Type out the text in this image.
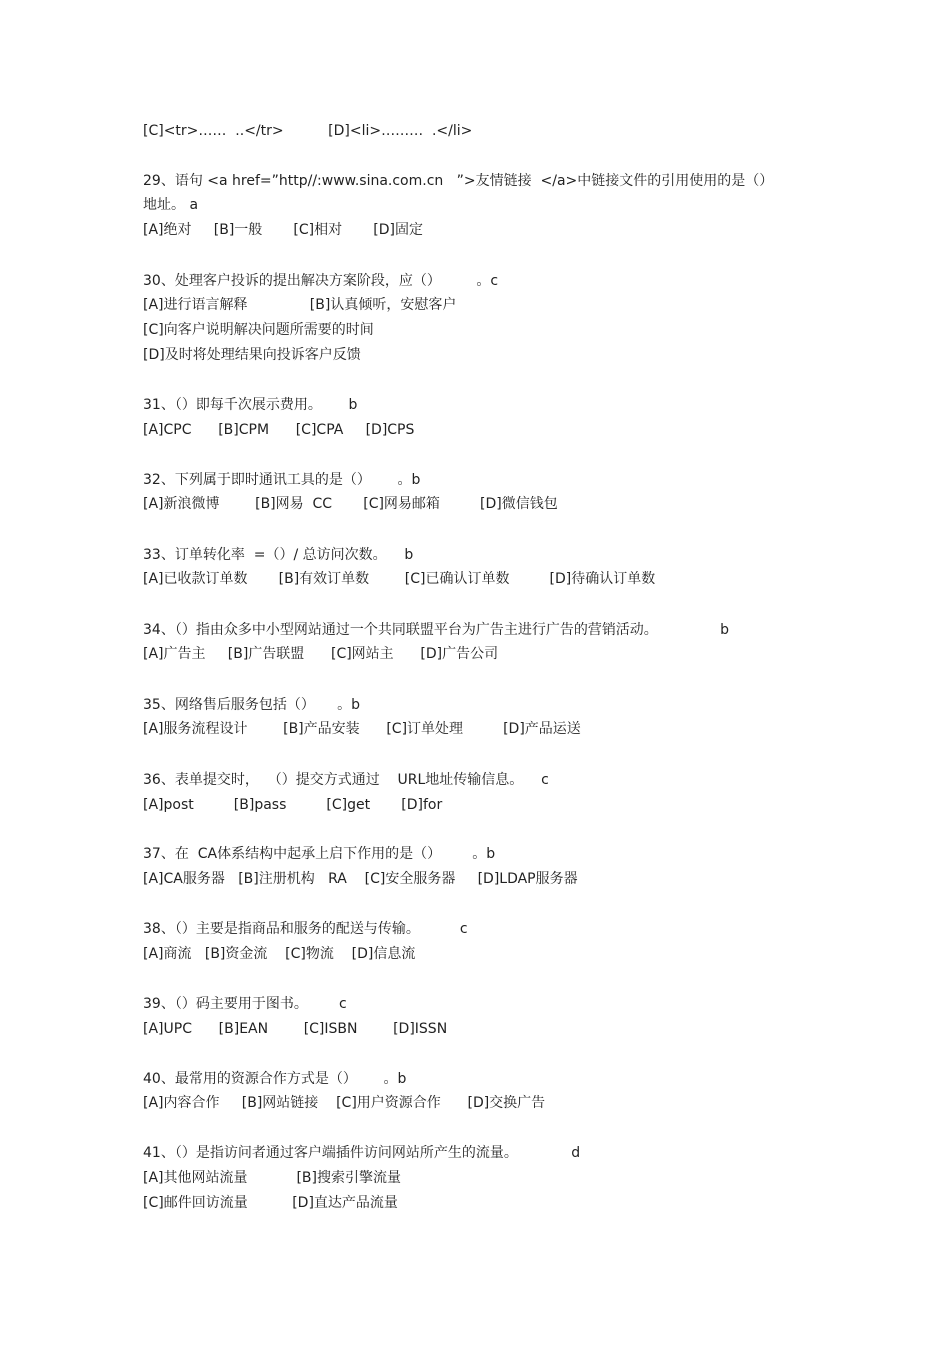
[C]<tr>……  ..</tr>          [D]<li>………  .</li>
29、语句 <a href=”http//:www.sina.com.cn   ”>友情链接  </a>中链接文件的引用使用的是（）
地址。 a
[A]绝对     [B]一般       [C]相对       [D]固定
30、处理客户投诉的提出解决方案阶段，应（）        。c
[A]进行语言解释              [B]认真倾听，安慰客户
[C]向客户说明解决问题所需要的时间
[D]及时将处理结果向投诉客户反馈
31、（）即每千次展示费用。      b
[A]CPC      [B]CPM      [C]CPA     [D]CPS
32、下列属于即时通讯工具的是（）      。b
[A]新浪微博        [B]网易  CC       [C]网易邮箱         [D]微信钱包
33、订单转化率  =（）/ 总访问次数。    b
[A]已收款订单数       [B]有效订单数        [C]已确认订单数         [D]待确认订单数
34、（）指由众多中小型网站通过一个共同联盟平台为广告主进行广告的营销活动。              b
[A]广告主     [B]广告联盟      [C]网站主      [D]广告公司
35、网络售后服务包括（）     。b
[A]服务流程设计        [B]产品安装      [C]订单处理         [D]产品运送
36、表单提交时，  （）提交方式通过    URL地址传输信息。    c
[A]post         [B]pass         [C]get       [D]for
37、在  CA体系结构中起承上启下作用的是（）       。b
[A]CA服务器   [B]注册机构   RA    [C]安全服务器     [D]LDAP服务器
38、（）主要是指商品和服务的配送与传输。         c
[A]商流   [B]资金流    [C]物流    [D]信息流
39、（）码主要用于图书。       c
[A]UPC      [B]EAN        [C]ISBN        [D]ISSN
40、最常用的资源合作方式是（）      。b
[A]内容合作     [B]网站链接    [C]用户资源合作      [D]交换广告
41、（）是指访问者通过客户端插件访问网站所产生的流量。            d
[A]其他网站流量           [B]搜索引擎流量
[C]邮件回访流量          [D]直达产品流量
